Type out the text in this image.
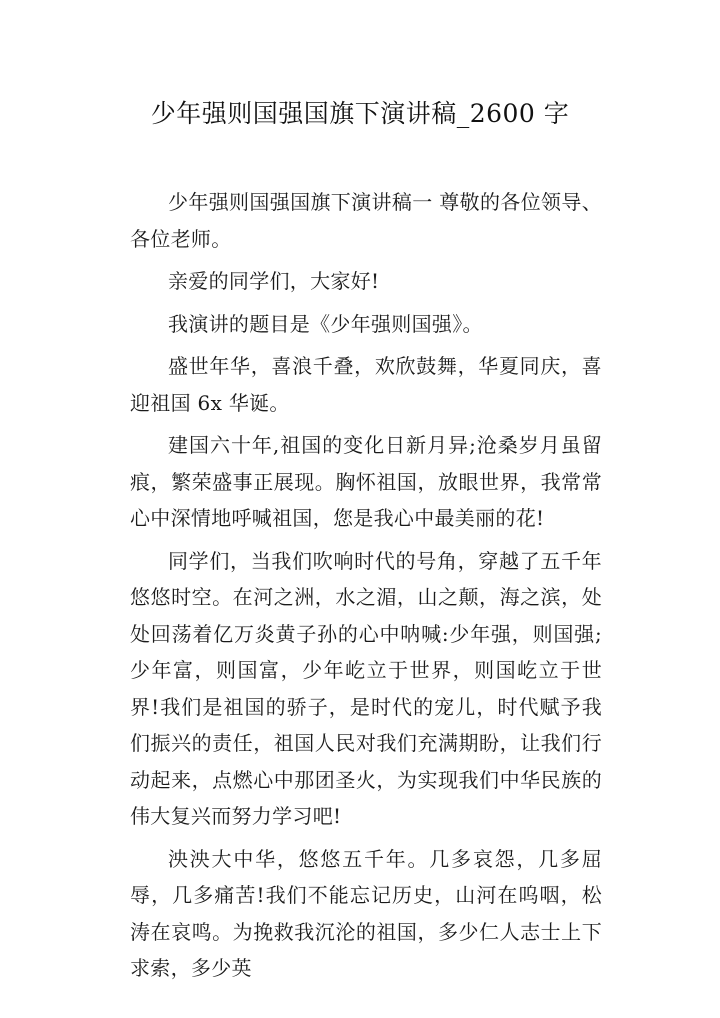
少年强则国强国旗下演讲稿_2600 字

少年强则国强国旗下演讲稿一 尊敬的各位领导、各位老师。

亲爱的同学们，大家好!

我演讲的题目是《少年强则国强》。

盛世年华，喜浪千叠，欢欣鼓舞，华夏同庆，喜迎祖国 6x 华诞。

建国六十年,祖国的变化日新月异;沧桑岁月虽留痕，繁荣盛事正展现。胸怀祖国，放眼世界，我常常心中深情地呼喊祖国，您是我心中最美丽的花!

同学们，当我们吹响时代的号角，穿越了五千年悠悠时空。在河之洲，水之湄，山之颠，海之滨，处处回荡着亿万炎黄子孙的心中呐喊:少年强，则国强;少年富，则国富，少年屹立于世界，则国屹立于世界!我们是祖国的骄子，是时代的宠儿，时代赋予我们振兴的责任，祖国人民对我们充满期盼，让我们行动起来，点燃心中那团圣火，为实现我们中华民族的伟大复兴而努力学习吧!

泱泱大中华，悠悠五千年。几多哀怨，几多屈辱，几多痛苦!我们不能忘记历史，山河在呜咽，松涛在哀鸣。为挽救我沉沦的祖国，多少仁人志士上下求索，多少英
